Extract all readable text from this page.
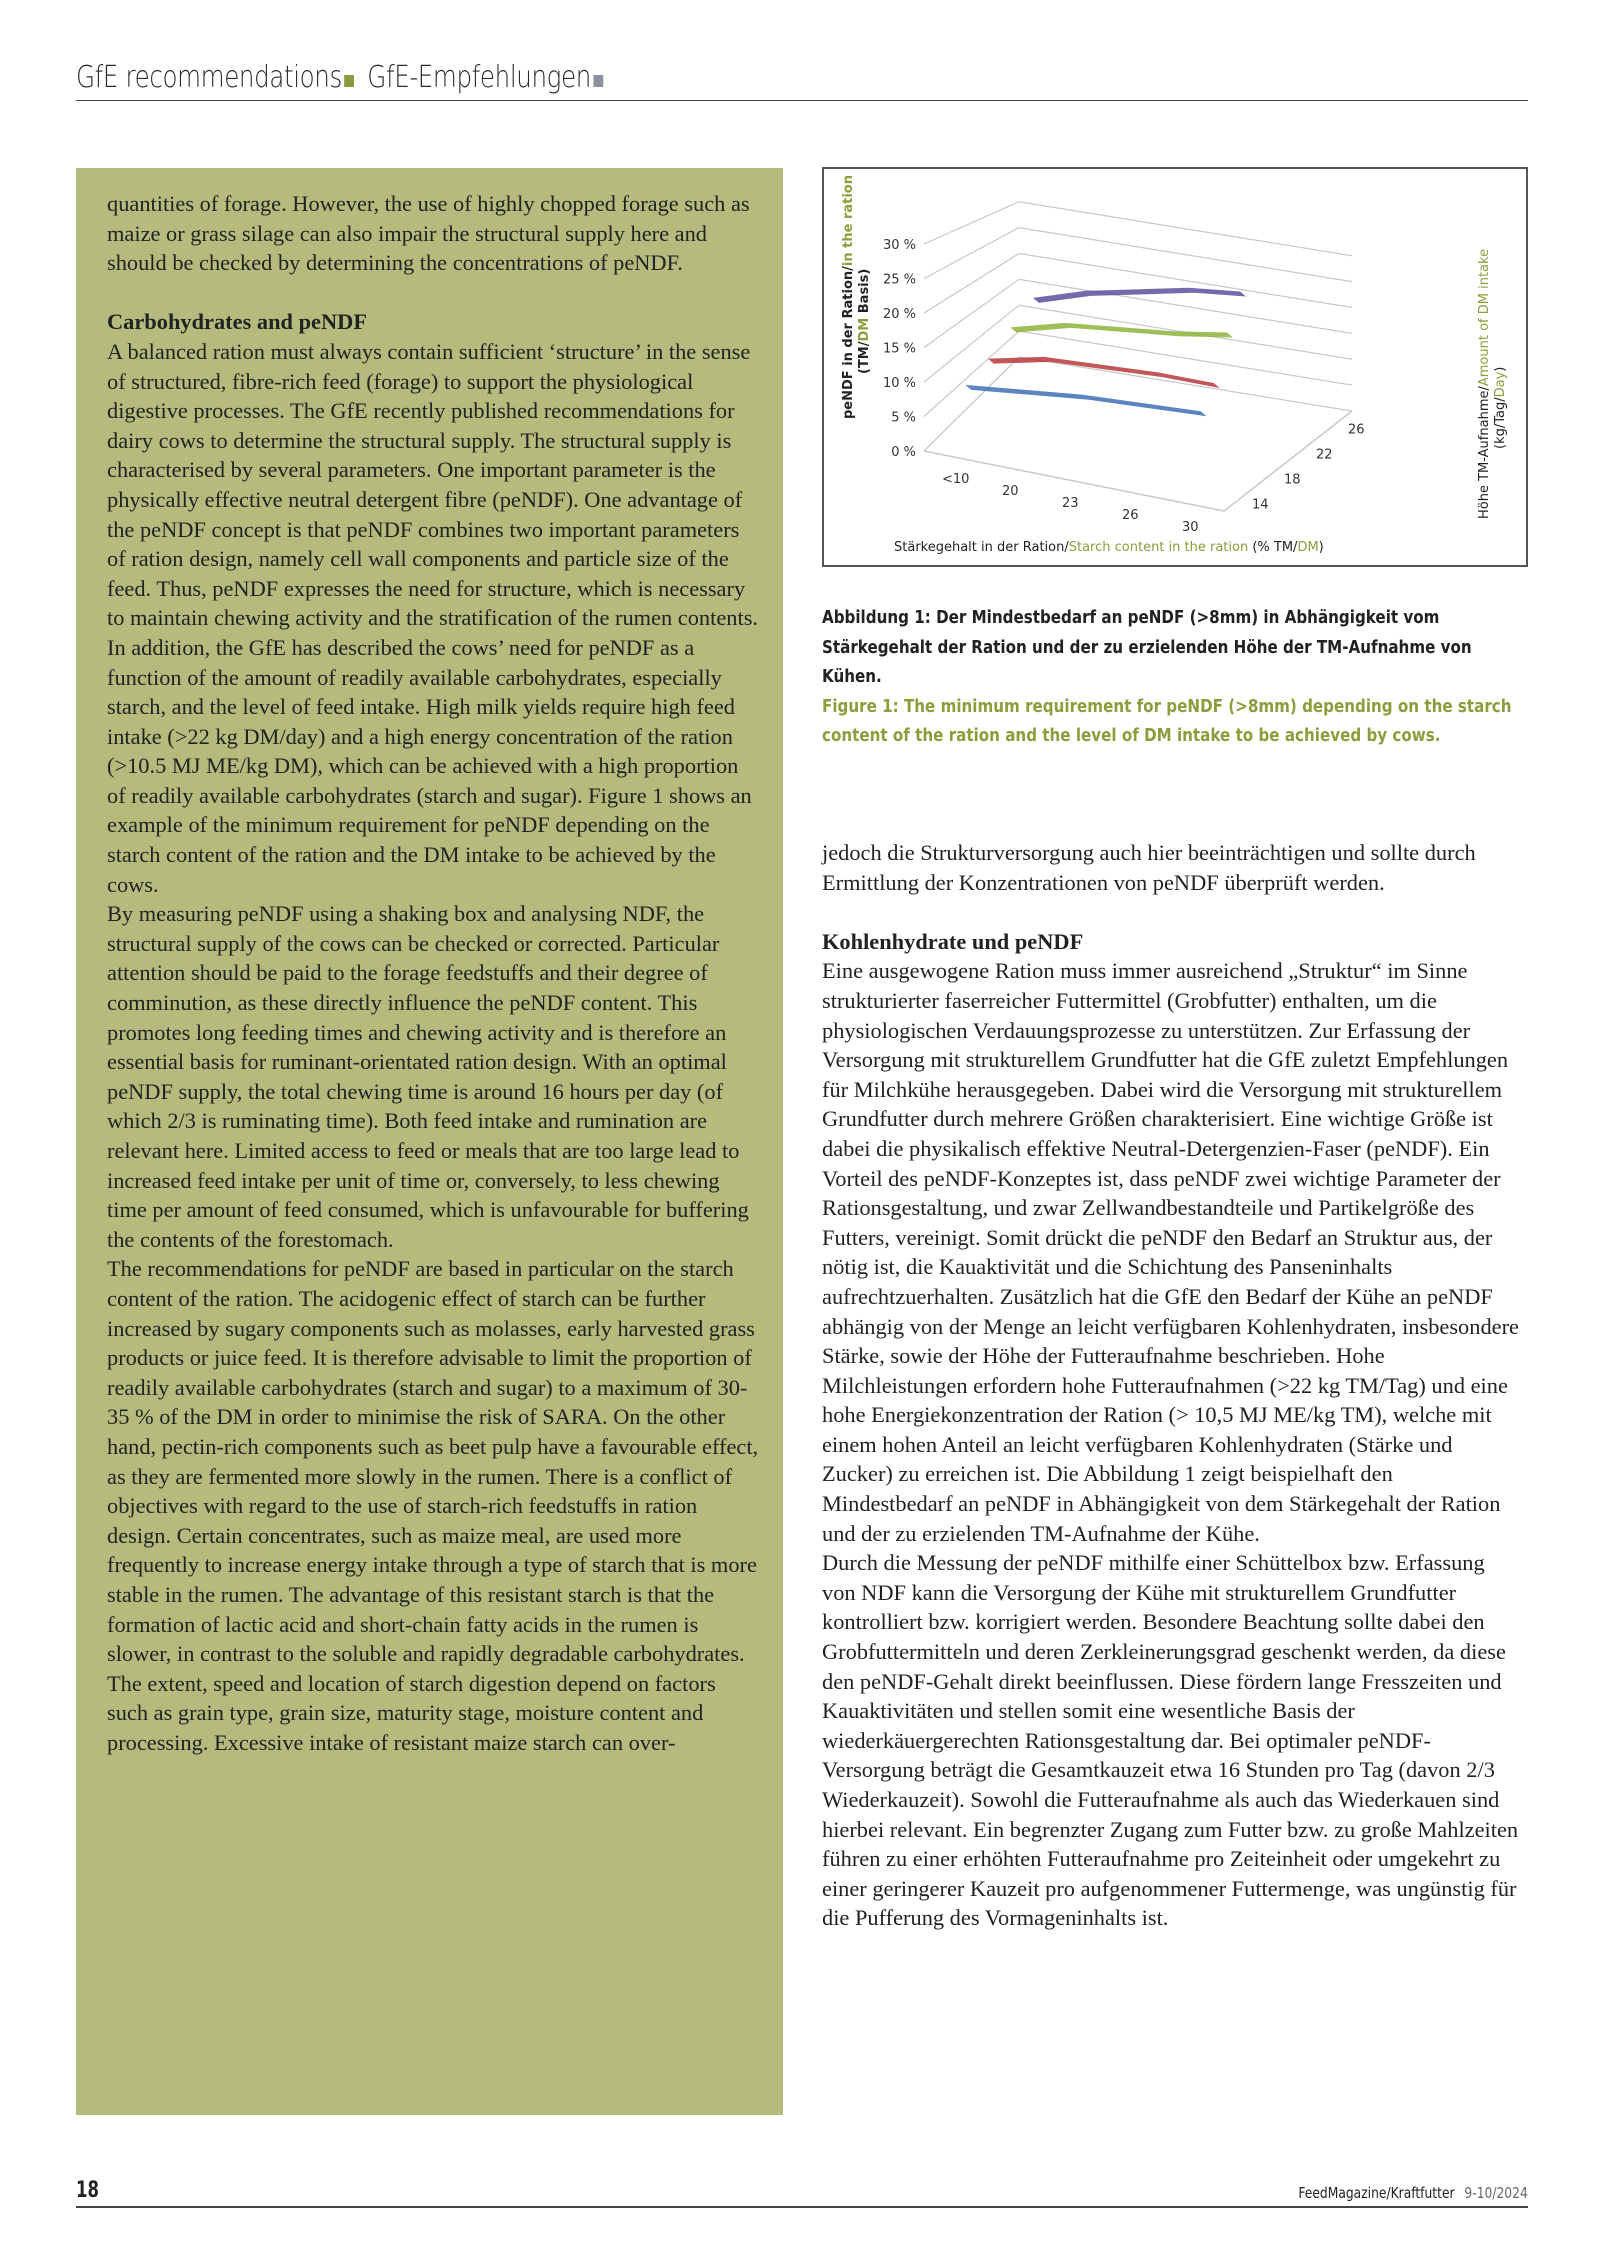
GfE recommendations GfE-Empfehlungen

quantities of forage. However, the use of highly chopped forage such as maize or grass silage can also impair the structural supply here and should be checked by determining the concentrations of peNDF.

Carbohydrates and peNDF

A balanced ration must always contain sufficient ‘structure’ in the sense of structured, fibre-rich feed (forage) to support the physiological digestive processes. The GfE recently published recommendations for dairy cows to determine the structural supply. The structural supply is characterised by several parameters. One important parameter is the physically effective neutral detergent fibre (peNDF). One advantage of the peNDF concept is that peNDF combines two important parameters of ration design, namely cell wall components and particle size of the feed. Thus, peNDF expresses the need for structure, which is necessary to maintain chewing activity and the stratification of the rumen contents. In addition, the GfE has described the cows’ need for peNDF as a function of the amount of readily available carbohydrates, especially starch, and the level of feed intake. High milk yields require high feed intake (>22 kg DM/day) and a high energy concentration of the ration (>10.5 MJ ME/kg DM), which can be achieved with a high proportion of readily available carbohydrates (starch and sugar). Figure 1 shows an example of the minimum requirement for peNDF depending on the starch content of the ration and the DM intake to be achieved by the cows.

By measuring peNDF using a shaking box and analysing NDF, the structural supply of the cows can be checked or corrected. Particular attention should be paid to the forage feedstuffs and their degree of comminution, as these directly influence the peNDF content. This promotes long feeding times and chewing activity and is therefore an essential basis for ruminant-orientated ration design. With an optimal peNDF supply, the total chewing time is around 16 hours per day (of which 2/3 is ruminating time). Both feed intake and rumination are relevant here. Limited access to feed or meals that are too large lead to increased feed intake per unit of time or, conversely, to less chewing time per amount of feed consumed, which is unfavourable for buffering the contents of the forestomach.

The recommendations for peNDF are based in particular on the starch content of the ration. The acidogenic effect of starch can be further increased by sugary components such as molasses, early harvested grass products or juice feed. It is therefore advisable to limit the proportion of readily available carbohydrates (starch and sugar) to a maximum of 30-35 % of the DM in order to minimise the risk of SARA. On the other hand, pectin-rich components such as beet pulp have a favourable effect, as they are fermented more slowly in the rumen. There is a conflict of objectives with regard to the use of starch-rich feedstuffs in ration design. Certain concentrates, such as maize meal, are used more frequently to increase energy intake through a type of starch that is more stable in the rumen. The advantage of this resistant starch is that the formation of lactic acid and short-chain fatty acids in the rumen is slower, in contrast to the soluble and rapidly degradable carbohydrates. The extent, speed and location of starch digestion depend on factors such as grain type, grain size, maturity stage, moisture content and processing. Excessive intake of resistant maize starch can over-

0 %
5 %
10 %
15 %
20 %
25 %
30 %
<10
20
23
26
30
14
18
22
26
peNDF in der Ration/in the ration
(TM/DM Basis)
Höhe TM-Aufnahme/Amount of DM intake
(kg/Tag/Day)
Stärkegehalt in der Ration/Starch content in the ration (% TM/DM)
Abbildung 1: Der Mindestbedarf an peNDF (>8mm) in Abhängigkeit vom Stärkegehalt der Ration und der zu erzielenden Höhe der TM-Aufnahme von Kühen.
Figure 1: The minimum requirement for peNDF (>8mm) depending on the starch content of the ration and the level of DM intake to be achieved by cows.

jedoch die Strukturversorgung auch hier beeinträchtigen und sollte durch Ermittlung der Konzentrationen von peNDF überprüft werden.

Kohlenhydrate und peNDF

Eine ausgewogene Ration muss immer ausreichend „Struktur“ im Sinne strukturierter faserreicher Futtermittel (Grobfutter) enthalten, um die physiologischen Verdauungsprozesse zu unterstützen. Zur Erfassung der Versorgung mit strukturellem Grundfutter hat die GfE zuletzt Empfehlungen für Milchkühe herausgegeben. Dabei wird die Versorgung mit strukturellem Grundfutter durch mehrere Größen charakterisiert. Eine wichtige Größe ist dabei die physikalisch effektive Neutral-Detergenzien-Faser (peNDF). Ein Vorteil des peNDF-Konzeptes ist, dass peNDF zwei wichtige Parameter der Rationsgestaltung, und zwar Zellwandbestandteile und Partikelgröße des Futters, vereinigt. Somit drückt die peNDF den Bedarf an Struktur aus, der nötig ist, die Kauaktivität und die Schichtung des Panseninhalts aufrechtzuerhalten. Zusätzlich hat die GfE den Bedarf der Kühe an peNDF abhängig von der Menge an leicht verfügbaren Kohlenhydraten, insbesondere Stärke, sowie der Höhe der Futteraufnahme beschrieben. Hohe Milchleistungen erfordern hohe Futteraufnahmen (>22 kg TM/Tag) und eine hohe Energiekonzentration der Ration (> 10,5 MJ ME/kg TM), welche mit einem hohen Anteil an leicht verfügbaren Kohlenhydraten (Stärke und Zucker) zu erreichen ist. Die Abbildung 1 zeigt beispielhaft den Mindestbedarf an peNDF in Abhängigkeit von dem Stärkegehalt der Ration und der zu erzielenden TM-Aufnahme der Kühe.

Durch die Messung der peNDF mithilfe einer Schüttelbox bzw. Erfassung von NDF kann die Versorgung der Kühe mit strukturellem Grundfutter kontrolliert bzw. korrigiert werden. Besondere Beachtung sollte dabei den Grobfuttermitteln und deren Zerkleinerungsgrad geschenkt werden, da diese den peNDF-Gehalt direkt beeinflussen. Diese fördern lange Fresszeiten und Kauaktivitäten und stellen somit eine wesentliche Basis der wiederkäuergerechten Rationsgestaltung dar. Bei optimaler peNDF-Versorgung beträgt die Gesamtkauzeit etwa 16 Stunden pro Tag (davon 2/3 Wiederkauzeit). Sowohl die Futteraufnahme als auch das Wiederkauen sind hierbei relevant. Ein begrenzter Zugang zum Futter bzw. zu große Mahlzeiten führen zu einer erhöhten Futteraufnahme pro Zeiteinheit oder umgekehrt zu einer geringerer Kauzeit pro aufgenommener Futtermenge, was ungünstig für die Pufferung des Vormageninhalts ist.

18	FeedMagazine/Kraftfutter 9-10/2024
